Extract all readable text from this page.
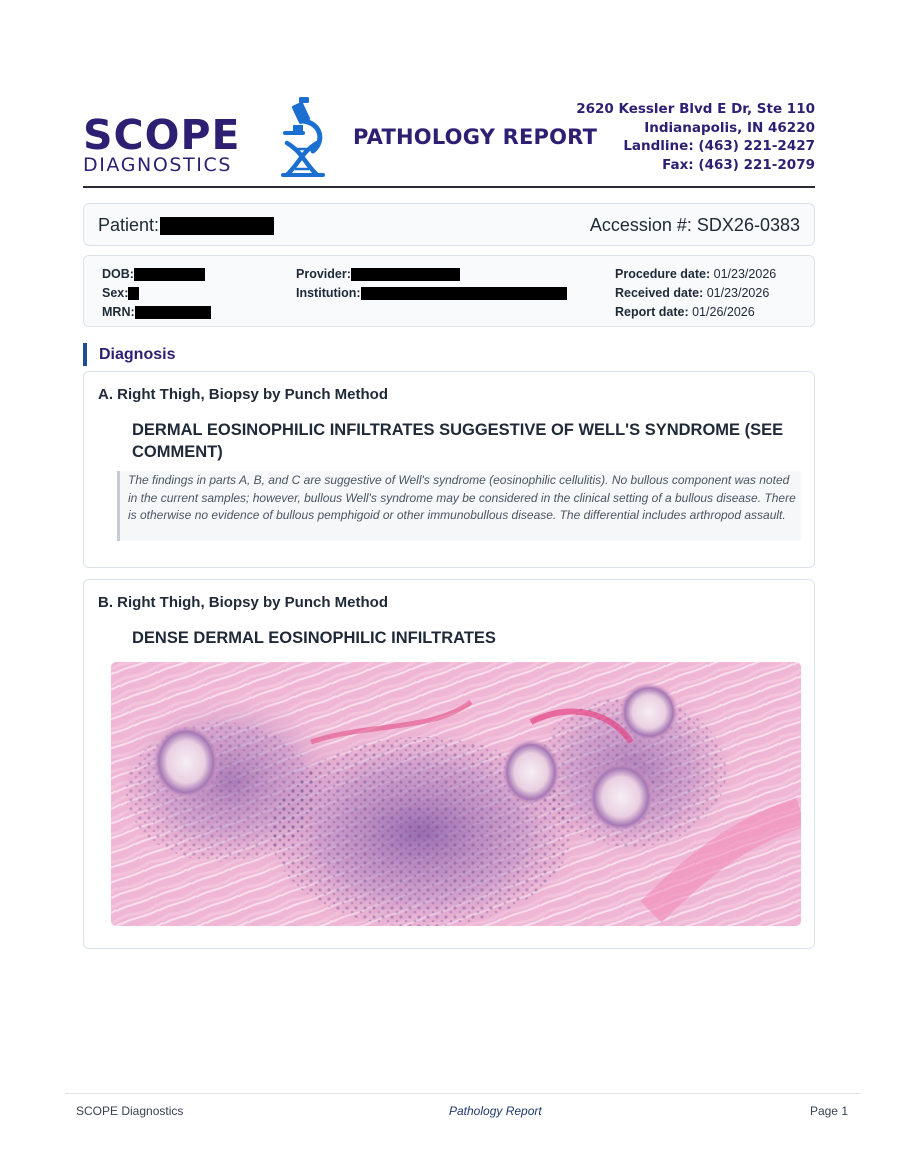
SCOPE
DIAGNOSTICS
PATHOLOGY REPORT
2620 Kessler Blvd E Dr, Ste 110
Indianapolis, IN 46220
Landline: (463) 221-2427
Fax: (463) 221-2079
Patient:	Accession #: SDX26-0383
DOB:
Sex:
MRN:
Provider:
Institution:
Procedure date: 01/23/2026
Received date: 01/23/2026
Report date: 01/26/2026
Diagnosis
A. Right Thigh, Biopsy by Punch Method
DERMAL EOSINOPHILIC INFILTRATES SUGGESTIVE OF WELL'S SYNDROME (SEE COMMENT)
The findings in parts A, B, and C are suggestive of Well's syndrome (eosinophilic cellulitis). No bullous component was noted in the current samples; however, bullous Well's syndrome may be considered in the clinical setting of a bullous disease. There is otherwise no evidence of bullous pemphigoid or other immunobullous disease. The differential includes arthropod assault.
B. Right Thigh, Biopsy by Punch Method
DENSE DERMAL EOSINOPHILIC INFILTRATES
SCOPE Diagnostics	Pathology Report	Page 1
